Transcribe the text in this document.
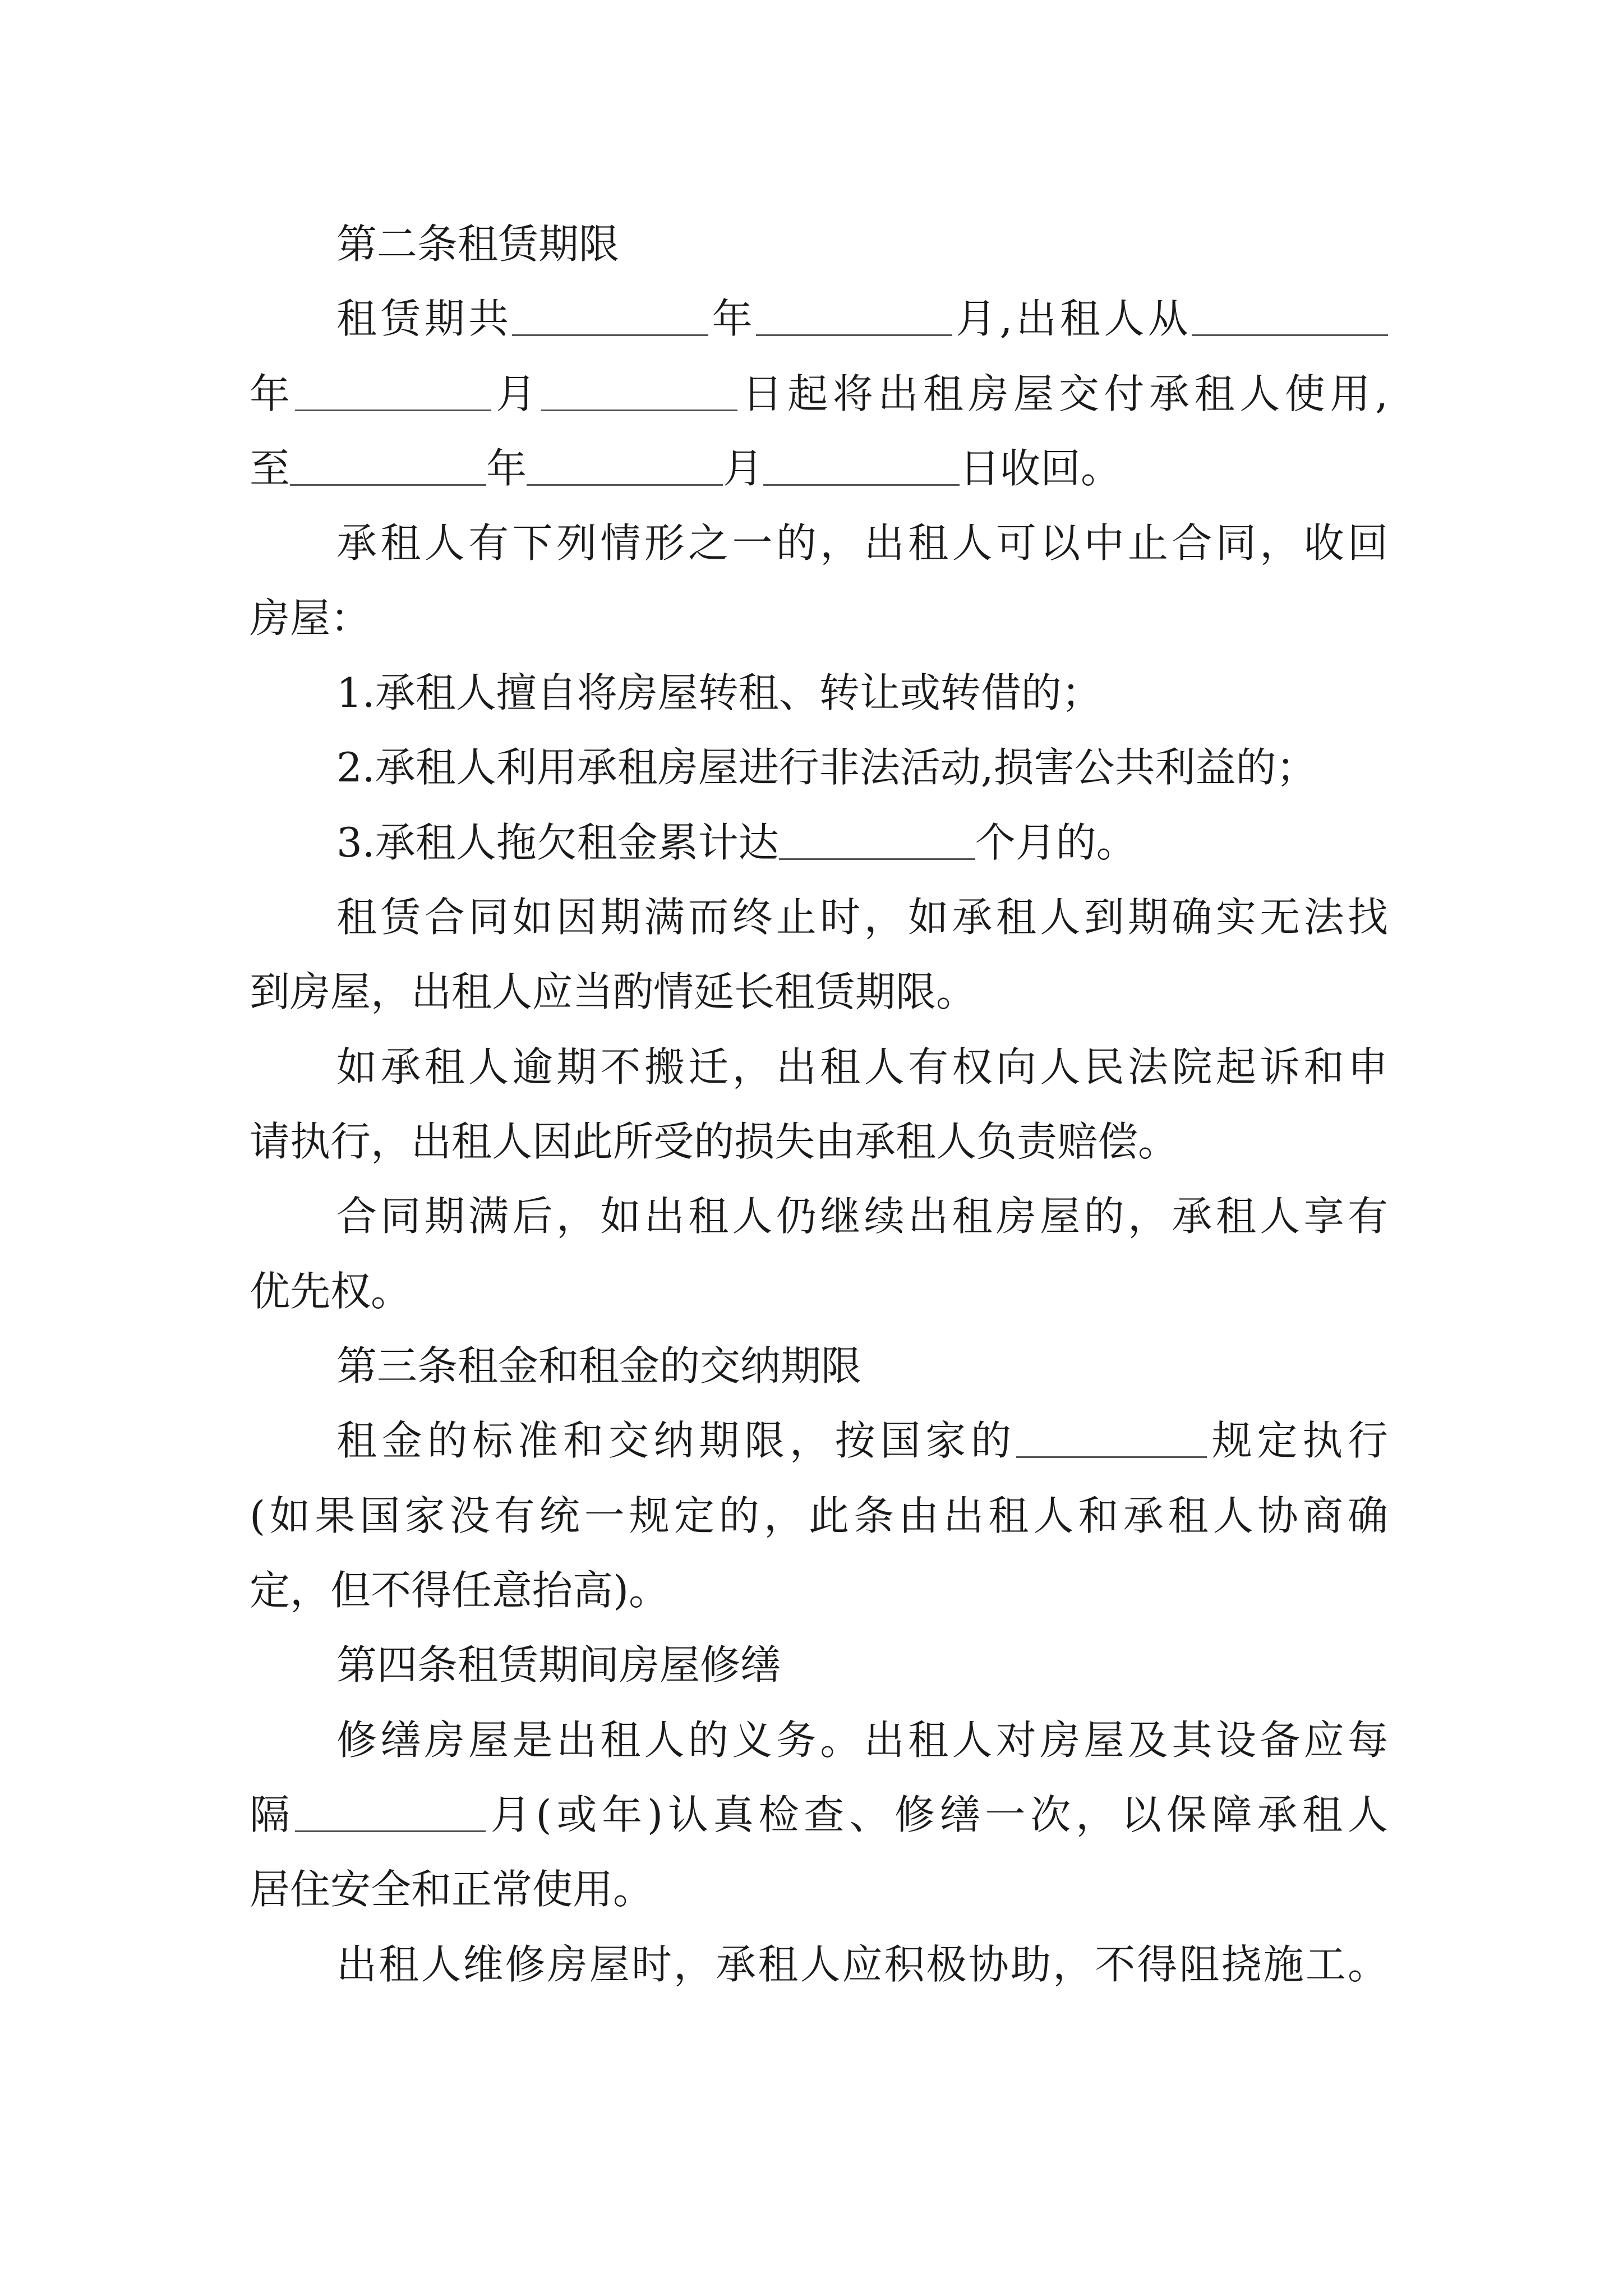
第二条租赁期限
租赁期共	年	月,出租人从
年	月	日起将出租房屋交付承租人使用,
至	年	月	日收回。
承租人有下列情形之一的，出租人可以中止合同，收回
房屋：
1.承租人擅自将房屋转租、转让或转借的；
2.承租人利用承租房屋进行非法活动,损害公共利益的；
3.承租人拖欠租金累计达	个月的。
租赁合同如因期满而终止时，如承租人到期确实无法找
到房屋，出租人应当酌情延长租赁期限。
如承租人逾期不搬迁，出租人有权向人民法院起诉和申
请执行，出租人因此所受的损失由承租人负责赔偿。
合同期满后，如出租人仍继续出租房屋的，承租人享有
优先权。
第三条租金和租金的交纳期限
租金的标准和交纳期限，按国家的	规定执行
(如果国家没有统一规定的，此条由出租人和承租人协商确
定，但不得任意抬高)。
第四条租赁期间房屋修缮
修缮房屋是出租人的义务。出租人对房屋及其设备应每
隔	月(或年)认真检查、修缮一次，以保障承租人
居住安全和正常使用。
出租人维修房屋时，承租人应积极协助，不得阻挠施工。
